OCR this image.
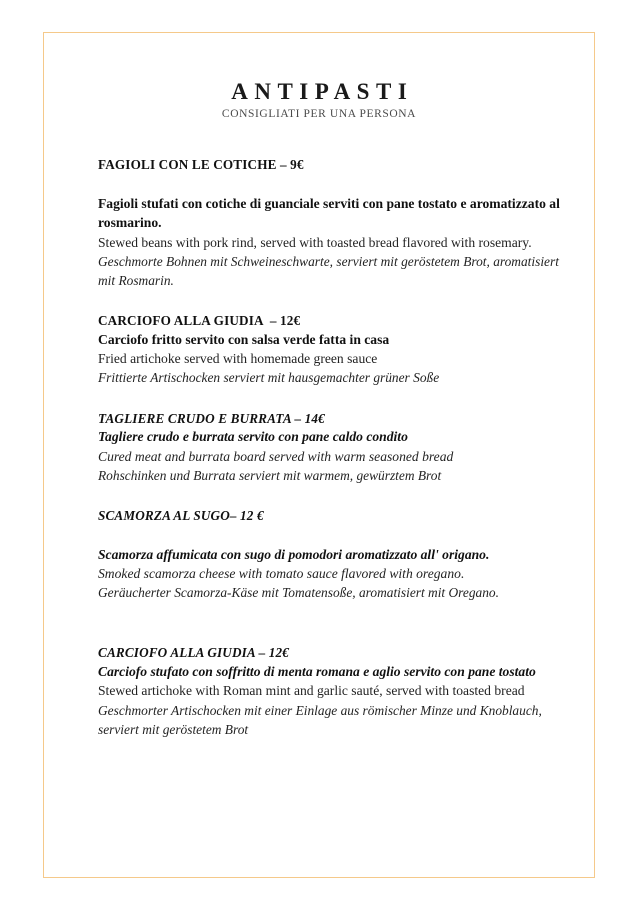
ANTIPASTI
CONSIGLIATI PER UNA PERSONA
FAGIOLI CON LE COTICHE – 9€
Fagioli stufati con cotiche di guanciale serviti con pane tostato e aromatizzato al rosmarino.
Stewed beans with pork rind, served with toasted bread flavored with rosemary.
Geschmorte Bohnen mit Schweineschwarte, serviert mit geröstetem Brot, aromatisiert mit Rosmarin.
CARCIOFO ALLA GIUDIA  – 12€
Carciofo fritto servito con salsa verde fatta in casa
Fried artichoke served with homemade green sauce
Frittierte Artischocken serviert mit hausgemachter grüner Soße
TAGLIERE CRUDO E BURRATA – 14€
Tagliere crudo e burrata servito con pane caldo condito
Cured meat and burrata board served with warm seasoned bread
Rohschinken und Burrata serviert mit warmem, gewürztem Brot
SCAMORZA AL SUGO– 12 €
Scamorza affumicata con sugo di pomodori aromatizzato all' origano.
Smoked scamorza cheese with tomato sauce flavored with oregano.
Geräucherter Scamorza-Käse mit Tomatensoße, aromatisiert mit Oregano.
CARCIOFO ALLA GIUDIA – 12€
Carciofo stufato con soffritto di menta romana e aglio servito con pane tostato
Stewed artichoke with Roman mint and garlic sauté, served with toasted bread
Geschmorter Artischocken mit einer Einlage aus römischer Minze und Knoblauch, serviert mit geröstetem Brot
